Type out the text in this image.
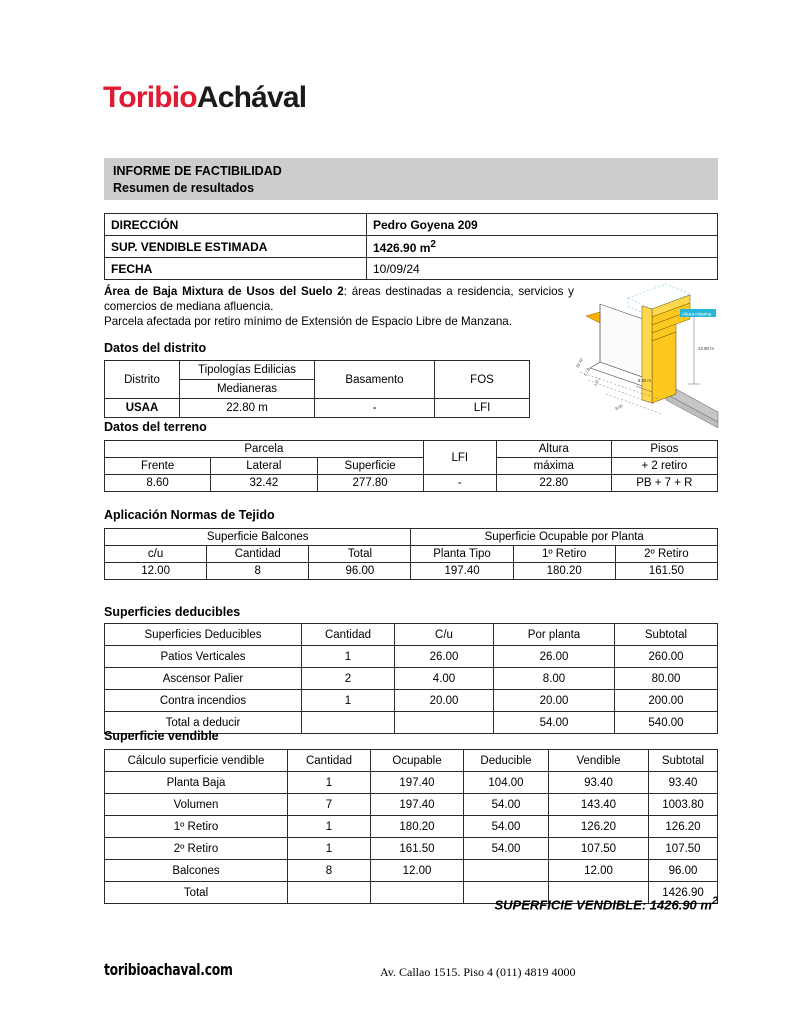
ToribioAchával
INFORME DE FACTIBILIDAD
Resumen de resultados
DIRECCIÓN	Pedro Goyena 209
SUP. VENDIBLE ESTIMADA	1426.90 $m^2$
FECHA	10/09/24
Área de Baja Mixtura de Usos del Suelo 2: áreas destinadas a residencia, servicios y comercios de mediana afluencia.
Parcela afectada por retiro mínimo de Extensión de Espacio Libre de Manzana.
Altura máxima
22.80 m
8.60 m
32.42
L.I.B.
L.F.I.
8.60
Datos del distrito
Distrito	Tipologías Edilicias	Basamento	FOS
	Medianeras		
USAA	22.80 m	-	LFI
Datos del terreno
Parcela			LFI	Altura	Pisos
Frente	Lateral	Superficie		máxima	+ 2 retiro
8.60	32.42	277.80	-	22.80	PB + 7 + R
Aplicación Normas de Tejido
Superficie Balcones			Superficie Ocupable por Planta		
c/u	Cantidad	Total	Planta Tipo	1º Retiro	2º Retiro
12.00	8	96.00	197.40	180.20	161.50
Superficies deducibles
Superficies Deducibles	Cantidad	C/u	Por planta	Subtotal
Patios Verticales	1	26.00	26.00	260.00
Ascensor Palier	2	4.00	8.00	80.00
Contra incendios	1	20.00	20.00	200.00
Total a deducir			54.00	540.00
Superficie vendible
Cálculo superficie vendible	Cantidad	Ocupable	Deducible	Vendible	Subtotal
Planta Baja	1	197.40	104.00	93.40	93.40
Volumen	7	197.40	54.00	143.40	1003.80
1º Retiro	1	180.20	54.00	126.20	126.20
2º Retiro	1	161.50	54.00	107.50	107.50
Balcones	8	12.00		12.00	96.00
Total					1426.90
SUPERFICIE VENDIBLE: 1426.90 $m^2$
toribioachaval.com	Av. Callao 1515. Piso 4 (011) 4819 4000
